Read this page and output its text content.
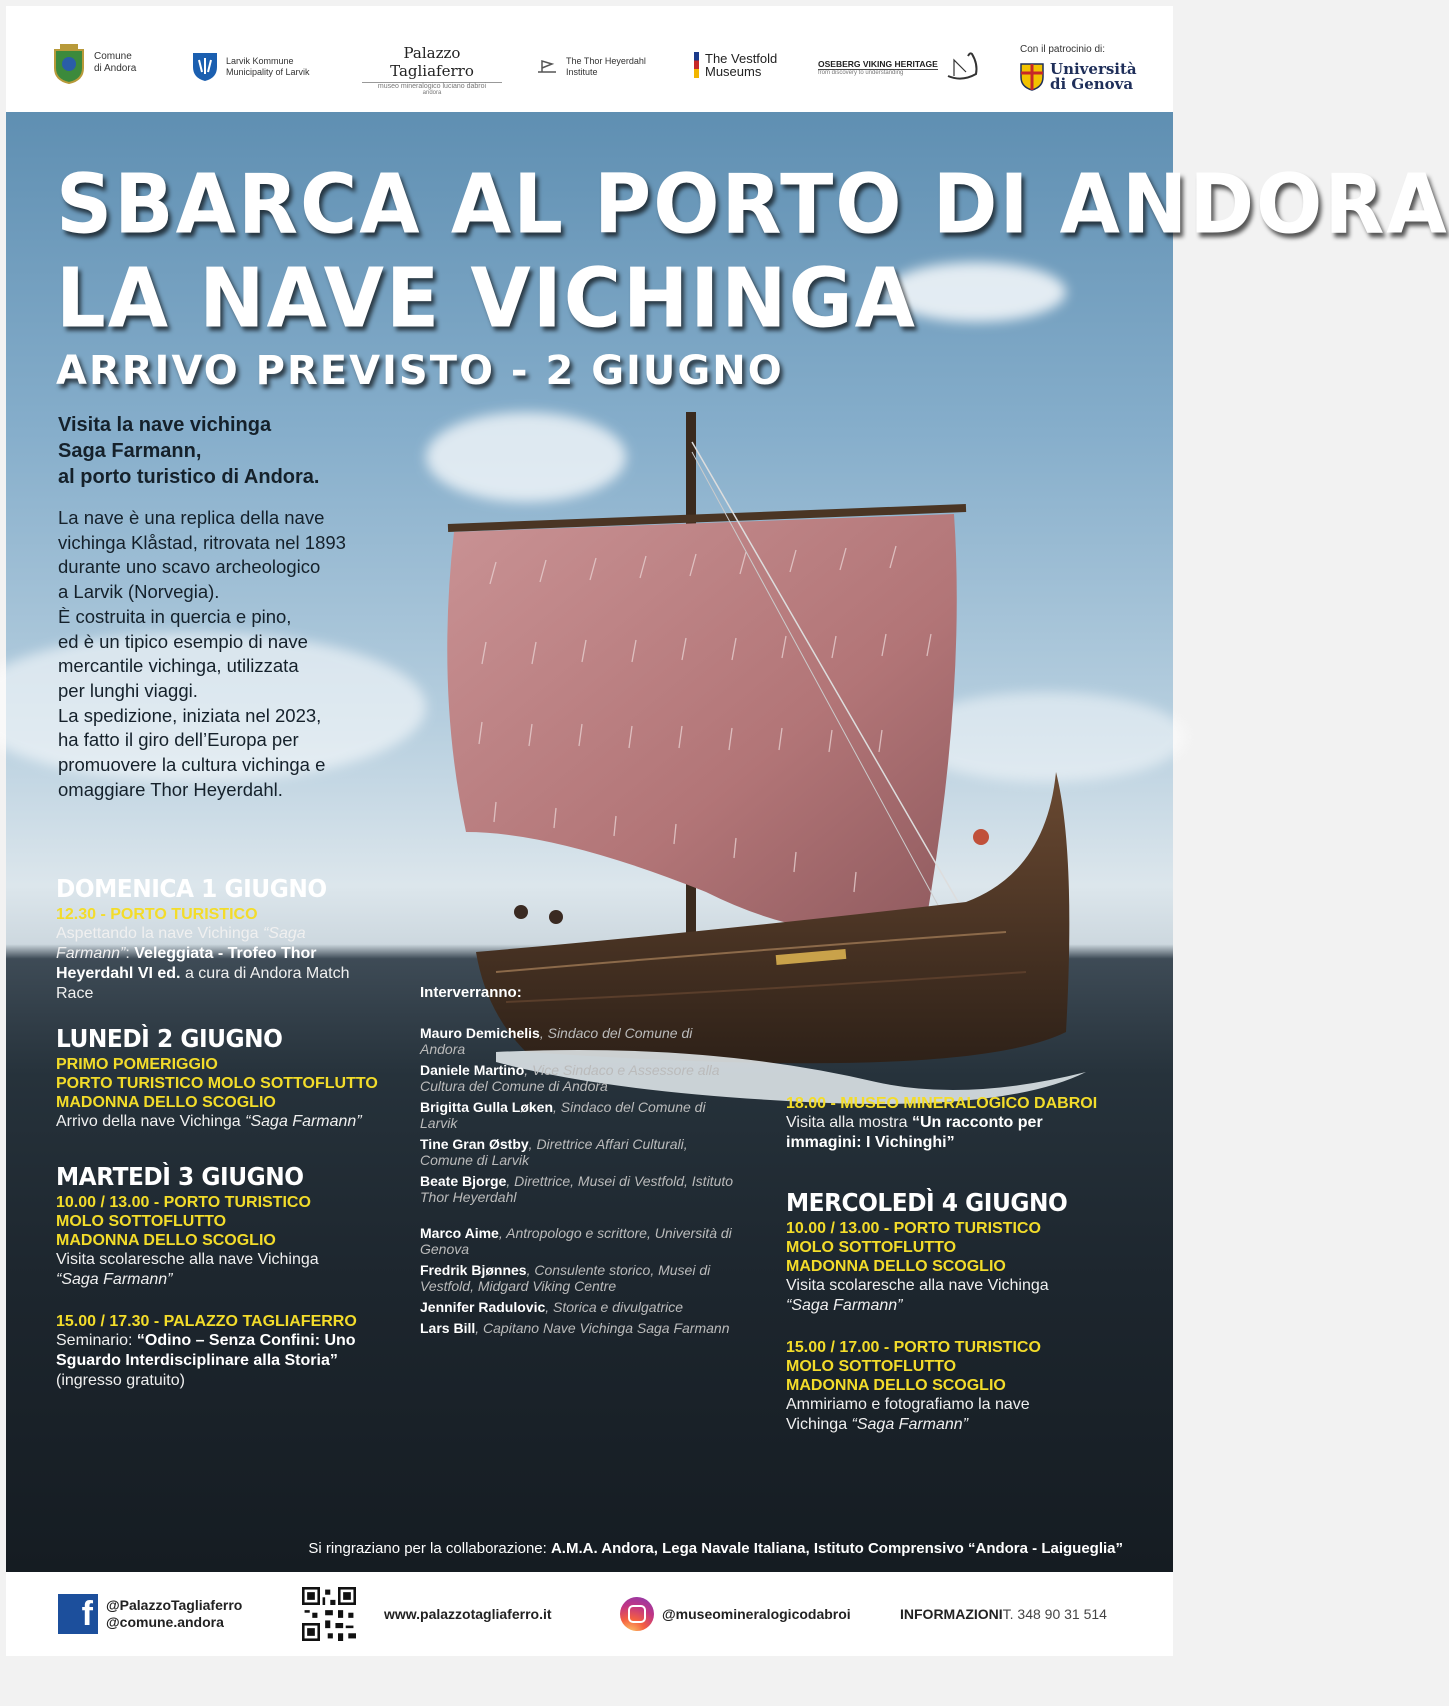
Comune
di Andora
Larvik Kommune
Municipality of Larvik
Palazzo Tagliaferro
museo mineralogico luciano dabroi
andora
The Thor Heyerdahl
Institute
The Vestfold
Museums
OSEBERG VIKING HERITAGE
from discovery to understanding
Con il patrocinio di:
Università
di Genova
SBARCA AL PORTO DI ANDORA
LA NAVE VICHINGA
ARRIVO PREVISTO - 2 GIUGNO
Visita la nave vichinga
Saga Farmann,
al porto turistico di Andora.

La nave è una replica della nave
vichinga Klåstad, ritrovata nel 1893
durante uno scavo archeologico
a Larvik (Norvegia).
È costruita in quercia e pino,
ed è un tipico esempio di nave
mercantile vichinga, utilizzata
per lunghi viaggi.
La spedizione, iniziata nel 2023,
ha fatto il giro dell’Europa per
promuovere la cultura vichinga e
omaggiare Thor Heyerdahl.

DOMENICA 1 GIUGNO
12.30 - PORTO TURISTICO
Aspettando la nave Vichinga “Saga Farmann”: Veleggiata - Trofeo Thor Heyerdahl VI ed. a cura di Andora Match Race
LUNEDÌ 2 GIUGNO
PRIMO POMERIGGIO
PORTO TURISTICO MOLO SOTTOFLUTTO
MADONNA DELLO SCOGLIO
Arrivo della nave Vichinga “Saga Farmann”
MARTEDÌ 3 GIUGNO
10.00 / 13.00 - PORTO TURISTICO
MOLO SOTTOFLUTTO
MADONNA DELLO SCOGLIO
Visita scolaresche alla nave Vichinga
“Saga Farmann”
15.00 / 17.30 - PALAZZO TAGLIAFERRO
Seminario: “Odino – Senza Confini: Uno Sguardo Interdisciplinare alla Storia” (ingresso gratuito)
Interverranno:
Mauro Demichelis, Sindaco del Comune di Andora
Daniele Martino, Vice Sindaco e Assessore alla Cultura del Comune di Andora
Brigitta Gulla Løken, Sindaco del Comune di Larvik
Tine Gran Østby, Direttrice Affari Culturali, Comune di Larvik
Beate Bjorge, Direttrice, Musei di Vestfold, Istituto Thor Heyerdahl
Marco Aime, Antropologo e scrittore, Università di Genova
Fredrik Bjønnes, Consulente storico, Musei di Vestfold, Midgard Viking Centre
Jennifer Radulovic, Storica e divulgatrice
Lars Bill, Capitano Nave Vichinga Saga Farmann
18.00 - MUSEO MINERALOGICO DABROI
Visita alla mostra “Un racconto per immagini: I Vichinghi”
MERCOLEDÌ 4 GIUGNO
10.00 / 13.00 - PORTO TURISTICO
MOLO SOTTOFLUTTO
MADONNA DELLO SCOGLIO
Visita scolaresche alla nave Vichinga
“Saga Farmann”
15.00 / 17.00 - PORTO TURISTICO
MOLO SOTTOFLUTTO
MADONNA DELLO SCOGLIO
Ammiriamo e fotografiamo la nave
Vichinga “Saga Farmann”
Si ringraziano per la collaborazione: A.M.A. Andora, Lega Navale Italiana, Istituto Comprensivo “Andora - Laigueglia”
f @PalazzoTagliaferro
@comune.andora	www.palazzotagliaferro.it	@museomineralogicodabroi	INFORMAZIONI T. 348 90 31 514
